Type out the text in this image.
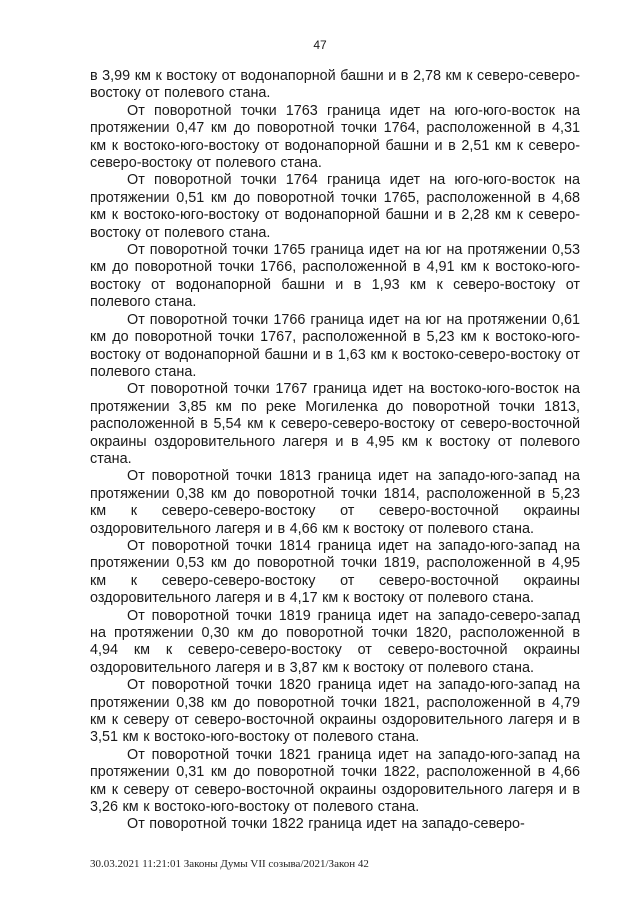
47

в 3,99 км к востоку от водонапорной башни и в 2,78 км к северо-северо-востоку от полевого стана.

От поворотной точки 1763 граница идет на юго-юго-восток на протяжении 0,47 км до поворотной точки 1764, расположенной в 4,31 км к востоко-юго-востоку от водонапорной башни и в 2,51 км к северо-северо-востоку от полевого стана.

От поворотной точки 1764 граница идет на юго-юго-восток на протяжении 0,51 км до поворотной точки 1765, расположенной в 4,68 км к востоко-юго-востоку от водонапорной башни и в 2,28 км к северо-востоку от полевого стана.

От поворотной точки 1765 граница идет на юг на протяжении 0,53 км до поворотной точки 1766, расположенной в 4,91 км к востоко-юго-востоку от водонапорной башни и в 1,93 км к северо-востоку от полевого стана.

От поворотной точки 1766 граница идет на юг на протяжении 0,61 км до поворотной точки 1767, расположенной в 5,23 км к востоко-юго-востоку от водонапорной башни и в 1,63 км к востоко-северо-востоку от полевого стана.

От поворотной точки 1767 граница идет на востоко-юго-восток на протяжении 3,85 км по реке Могиленка до поворотной точки 1813, расположенной в 5,54 км к северо-северо-востоку от северо-восточной окраины оздоровительного лагеря и в 4,95 км к востоку от полевого стана.

От поворотной точки 1813 граница идет на западо-юго-запад на протяжении 0,38 км до поворотной точки 1814, расположенной в 5,23 км к северо-северо-востоку от северо-восточной окраины оздоровительного лагеря и в 4,66 км к востоку от полевого стана.

От поворотной точки 1814 граница идет на западо-юго-запад на протяжении 0,53 км до поворотной точки 1819, расположенной в 4,95 км к северо-северо-востоку от северо-восточной окраины оздоровительного лагеря и в 4,17 км к востоку от полевого стана.

От поворотной точки 1819 граница идет на западо-северо-запад на протяжении 0,30 км до поворотной точки 1820, расположенной в 4,94 км к северо-северо-востоку от северо-восточной окраины оздоровительного лагеря и в 3,87 км к востоку от полевого стана.

От поворотной точки 1820 граница идет на западо-юго-запад на протяжении 0,38 км до поворотной точки 1821, расположенной в 4,79 км к северу от северо-восточной окраины оздоровительного лагеря и в 3,51 км к востоко-юго-востоку от полевого стана.

От поворотной точки 1821 граница идет на западо-юго-запад на протяжении 0,31 км до поворотной точки 1822, расположенной в 4,66 км к северу от северо-восточной окраины оздоровительного лагеря и в 3,26 км к востоко-юго-востоку от полевого стана.

От поворотной точки 1822 граница идет на западо-северо-

30.03.2021 11:21:01 Законы Думы VII созыва/2021/Закон 42
